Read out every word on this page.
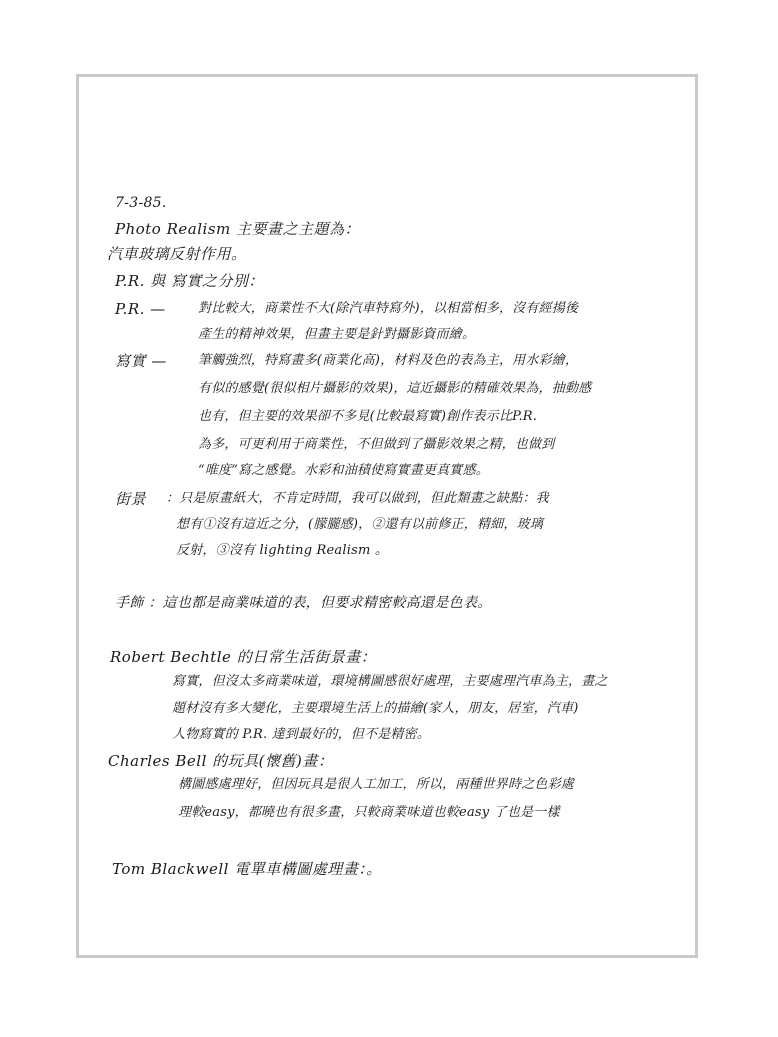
7-3-85.
Photo Realism 主要畫之主題為：
汽車玻璃反射作用。
P.R. 與 寫實之分別：
P.R. — 對比較大，商業性不大(除汽車特寫外)，以相當相多，沒有經揚後
產生的精神效果，但畫主要是針對攝影資而繪。
寫實 — 筆觸強烈，特寫畫多(商業化高)，材料及色的表為主，用水彩繪，
有似的感覺(很似相片攝影的效果)，這近攝影的精確效果為，抽動感
也有，但主要的效果卻不多見(比較最寫實)創作表示比P.R.
為多，可更利用于商業性，不但做到了攝影效果之精，也做到
“唯度”寫之感覺。水彩和油積使寫實畫更真實感。
街景 ：只是原畫紙大，不肯定時間，我可以做到，但此類畫之缺點：我
想有①沒有這近之分，(朦朧感)，②還有以前修正，精細，玻璃
反射，③沒有 lighting Realism 。
手飾 ：這也都是商業味道的表，但要求精密較高還是色表。
Robert Bechtle 的日常生活街景畫：
寫實，但沒太多商業味道，環境構圖感很好處理，主要處理汽車為主，畫之
題材沒有多大變化，主要環境生活上的描繪(家人，朋友，居室，汽車)
人物寫實的 P.R. 達到最好的，但不是精密。
Charles Bell 的玩具(懷舊)畫：
構圖感處理好，但因玩具是很人工加工，所以，兩種世界時之色彩處
理較easy，都曉也有很多畫，只較商業味道也較easy 了也是一樣
Tom Blackwell 電單車構圖處理畫：。
